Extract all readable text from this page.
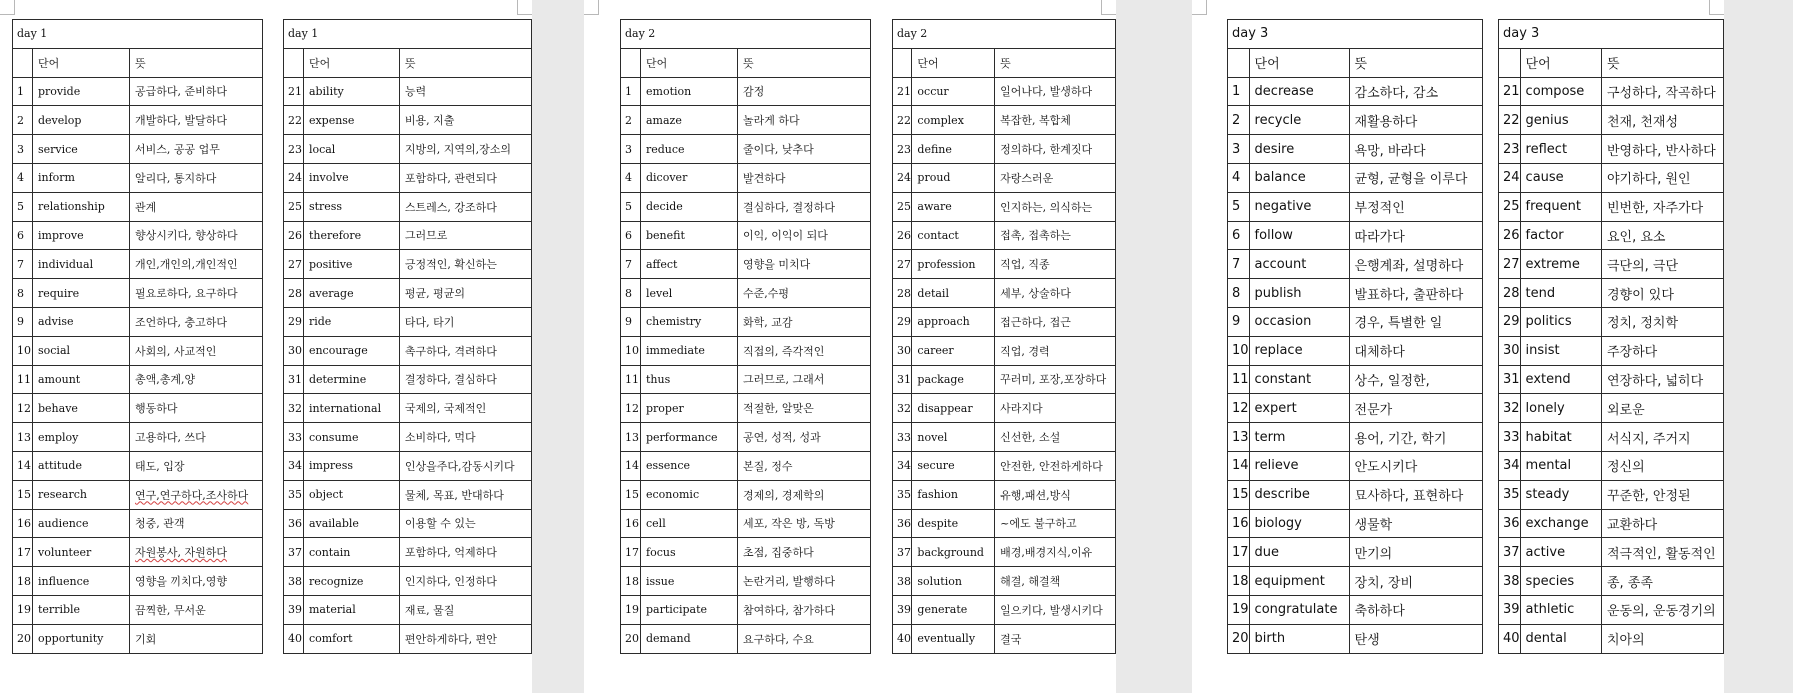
day 1		
	단어	뜻
1	provide	공급하다, 준비하다
2	develop	개발하다, 발달하다
3	service	서비스, 공공 업무
4	inform	알리다, 통지하다
5	relationship	관계
6	improve	향상시키다, 향상하다
7	individual	개인,개인의,개인적인
8	require	필요로하다, 요구하다
9	advise	조언하다, 충고하다
10	social	사회의, 사교적인
11	amount	총액,총계,양
12	behave	행동하다
13	employ	고용하다, 쓰다
14	attitude	태도, 입장
15	research	연구,연구하다,조사하다
16	audience	청중, 관객
17	volunteer	자원봉사, 자원하다
18	influence	영향을 끼치다,영향
19	terrible	끔찍한, 무서운
20	opportunity	기회
day 1		
	단어	뜻
21	ability	능력
22	expense	비용, 지출
23	local	지방의, 지역의,장소의
24	involve	포함하다, 관련되다
25	stress	스트레스, 강조하다
26	therefore	그러므로
27	positive	긍정적인, 확신하는
28	average	평균, 평균의
29	ride	타다, 타기
30	encourage	촉구하다, 격려하다
31	determine	결정하다, 결심하다
32	international	국제의, 국제적인
33	consume	소비하다, 먹다
34	impress	인상을주다,감동시키다
35	object	물체, 목표, 반대하다
36	available	이용할 수 있는
37	contain	포함하다, 억제하다
38	recognize	인지하다, 인정하다
39	material	재료, 물질
40	comfort	편안하게하다, 편안
day 2		
	단어	뜻
1	emotion	감정
2	amaze	놀라게 하다
3	reduce	줄이다, 낮추다
4	dicover	발견하다
5	decide	결심하다, 결정하다
6	benefit	이익, 이익이 되다
7	affect	영향을 미치다
8	level	수준,수평
9	chemistry	화학, 교감
10	immediate	직접의, 즉각적인
11	thus	그러므로, 그래서
12	proper	적절한, 알맞은
13	performance	공연, 성적, 성과
14	essence	본질, 정수
15	economic	경제의, 경제학의
16	cell	세포, 작은 방, 독방
17	focus	초점, 집중하다
18	issue	논란거리, 발행하다
19	participate	참여하다, 참가하다
20	demand	요구하다, 수요
day 2		
	단어	뜻
21	occur	일어나다, 발생하다
22	complex	복잡한, 복합체
23	define	정의하다, 한계짓다
24	proud	자랑스러운
25	aware	인지하는, 의식하는
26	contact	접촉, 접촉하는
27	profession	직업, 직종
28	detail	세부, 상술하다
29	approach	접근하다, 접근
30	career	직업, 경력
31	package	꾸러미, 포장,포장하다
32	disappear	사라지다
33	novel	신선한, 소설
34	secure	안전한, 안전하게하다
35	fashion	유행,패션,방식
36	despite	~에도 불구하고
37	background	배경,배경지식,이유
38	solution	해결, 해결책
39	generate	일으키다, 발생시키다
40	eventually	결국
day 3		
	단어	뜻
1	decrease	감소하다, 감소
2	recycle	재활용하다
3	desire	욕망, 바라다
4	balance	균형, 균형을 이루다
5	negative	부정적인
6	follow	따라가다
7	account	은행계좌, 설명하다
8	publish	발표하다, 출판하다
9	occasion	경우, 특별한 일
10	replace	대체하다
11	constant	상수, 일정한,
12	expert	전문가
13	term	용어, 기간, 학기
14	relieve	안도시키다
15	describe	묘사하다, 표현하다
16	biology	생물학
17	due	만기의
18	equipment	장치, 장비
19	congratulate	축하하다
20	birth	탄생
day 3		
	단어	뜻
21	compose	구성하다, 작곡하다
22	genius	천재, 천재성
23	reflect	반영하다, 반사하다
24	cause	야기하다, 원인
25	frequent	빈번한, 자주가다
26	factor	요인, 요소
27	extreme	극단의, 극단
28	tend	경향이 있다
29	politics	정치, 정치학
30	insist	주장하다
31	extend	연장하다, 넓히다
32	lonely	외로운
33	habitat	서식지, 주거지
34	mental	정신의
35	steady	꾸준한, 안정된
36	exchange	교환하다
37	active	적극적인, 활동적인
38	species	종, 종족
39	athletic	운동의, 운동경기의
40	dental	치아의
